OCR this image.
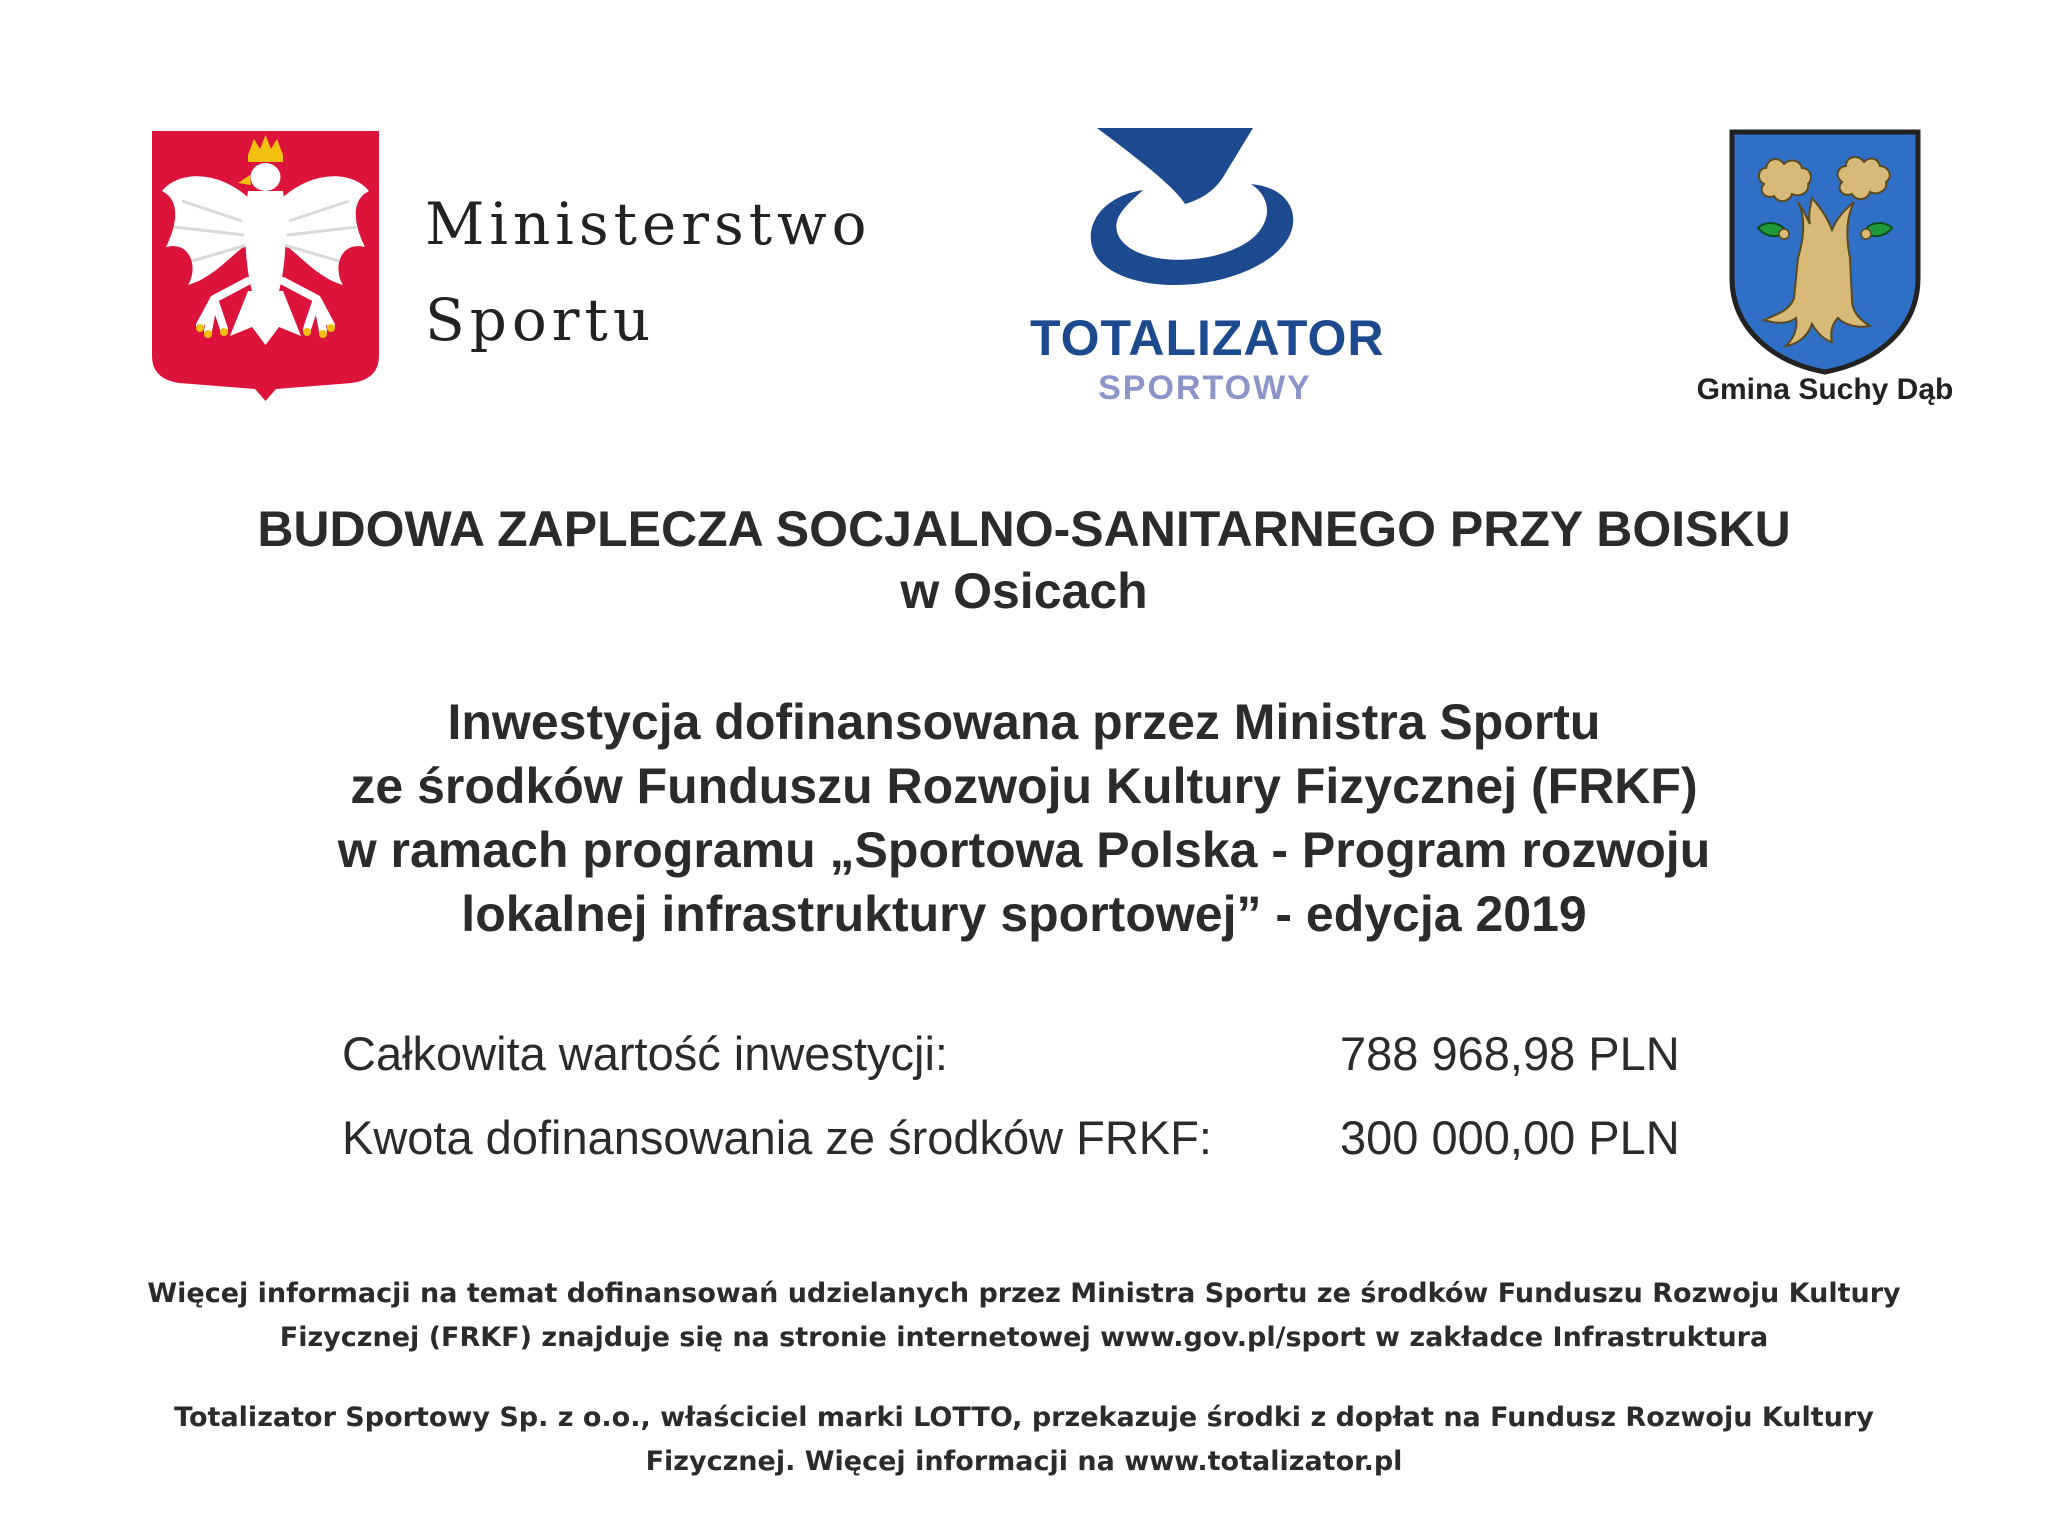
Ministerstwo
Sportu	TOTALIZATOR
SPORTOWY	Gmina Suchy Dąb
BUDOWA ZAPLECZA SOCJALNO-SANITARNEGO PRZY BOISKU
w Osicach
Inwestycja dofinansowana przez Ministra Sportu
ze środków Funduszu Rozwoju Kultury Fizycznej (FRKF)
w ramach programu „Sportowa Polska - Program rozwoju
lokalnej infrastruktury sportowej” - edycja 2019
Całkowita wartość inwestycji:	788 968,98 PLN
Kwota dofinansowania ze środków FRKF:	300 000,00 PLN
Więcej informacji na temat dofinansowań udzielanych przez Ministra Sportu ze środków Funduszu Rozwoju Kultury
Fizycznej (FRKF) znajduje się na stronie internetowej www.gov.pl/sport w zakładce Infrastruktura
Totalizator Sportowy Sp. z o.o., właściciel marki LOTTO, przekazuje środki z dopłat na Fundusz Rozwoju Kultury
Fizycznej. Więcej informacji na www.totalizator.pl
